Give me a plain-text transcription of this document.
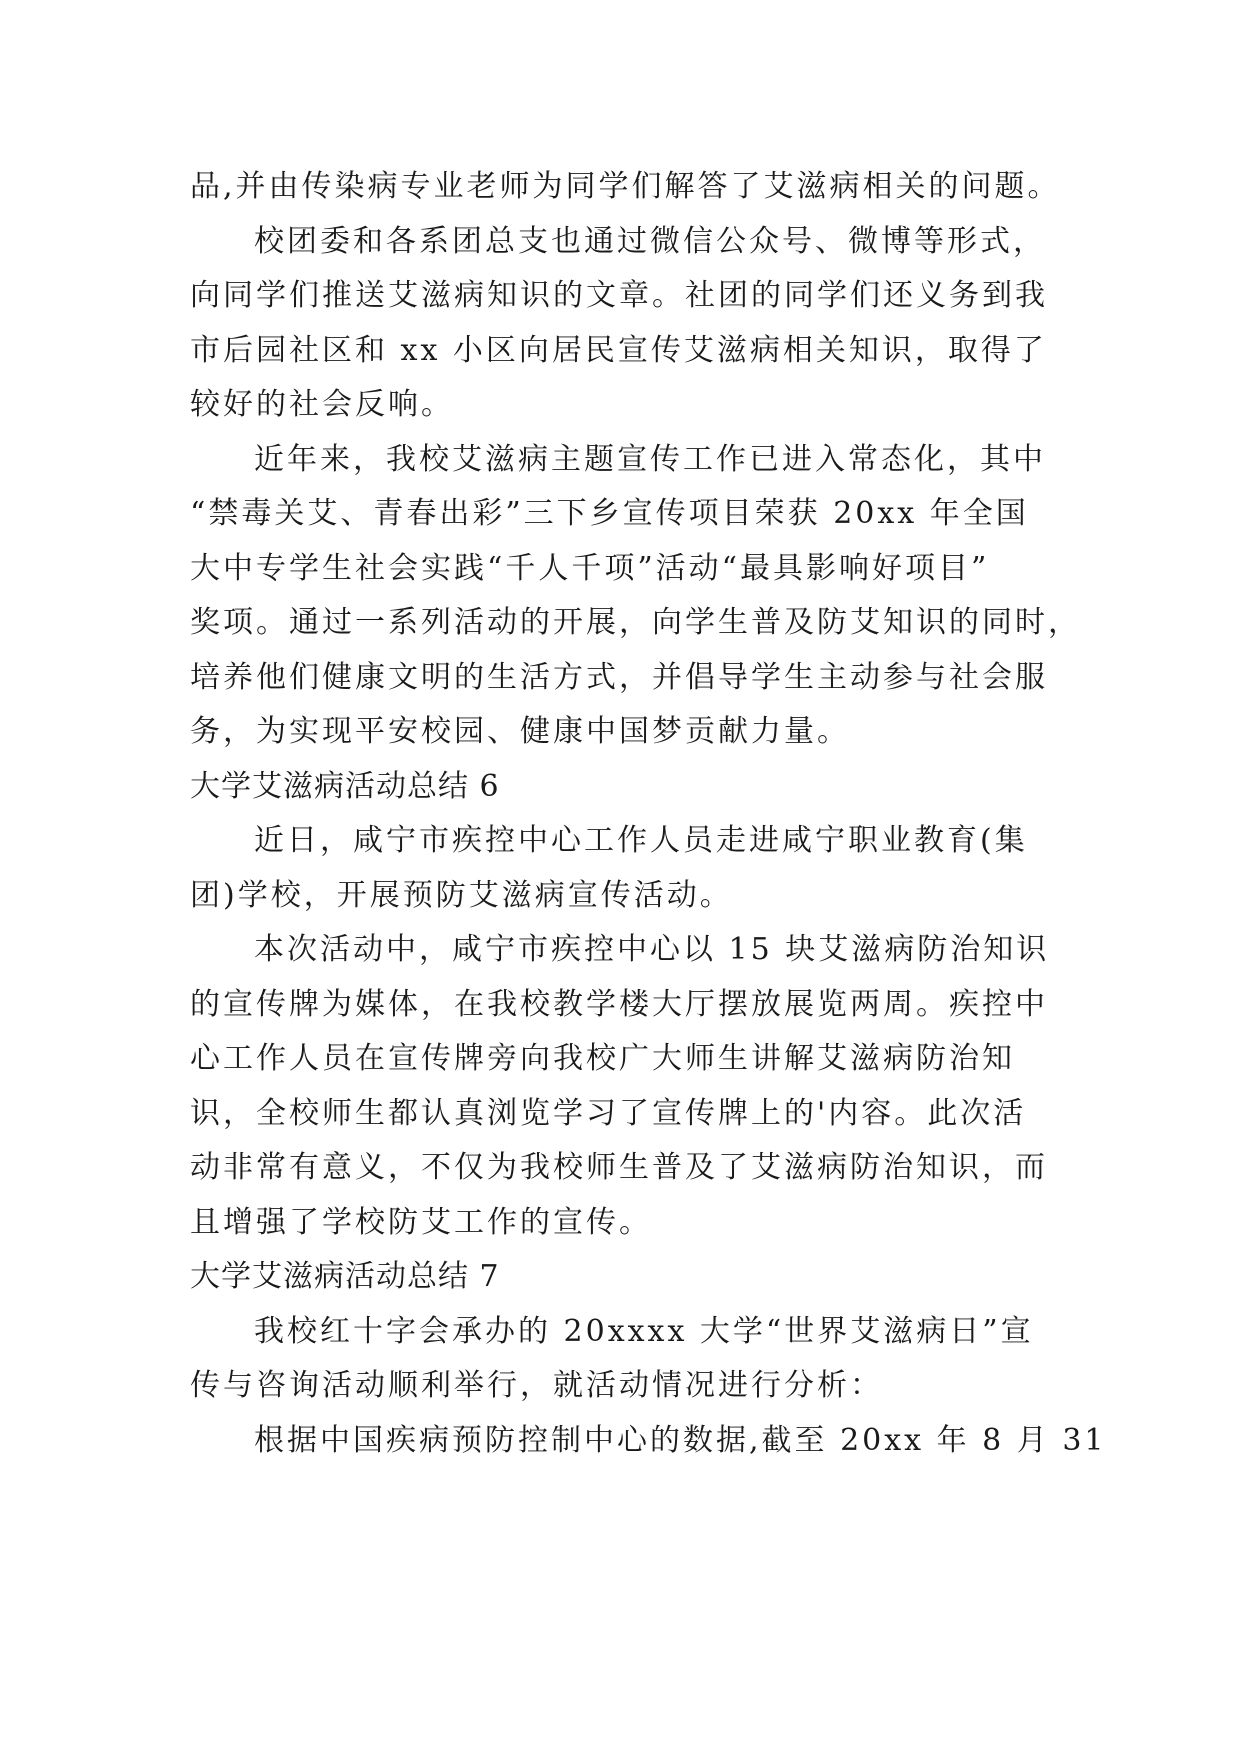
品,并由传染病专业老师为同学们解答了艾滋病相关的问题。
校团委和各系团总支也通过微信公众号、微博等形式，
向同学们推送艾滋病知识的文章。社团的同学们还义务到我
市后园社区和 xx 小区向居民宣传艾滋病相关知识，取得了
较好的社会反响。
近年来，我校艾滋病主题宣传工作已进入常态化，其中
“禁毒关艾、青春出彩”三下乡宣传项目荣获 20xx 年全国
大中专学生社会实践“千人千项”活动“最具影响好项目”
奖项。通过一系列活动的开展，向学生普及防艾知识的同时，
培养他们健康文明的生活方式，并倡导学生主动参与社会服
务，为实现平安校园、健康中国梦贡献力量。
大学艾滋病活动总结 6
近日，咸宁市疾控中心工作人员走进咸宁职业教育(集
团)学校，开展预防艾滋病宣传活动。
本次活动中，咸宁市疾控中心以 15 块艾滋病防治知识
的宣传牌为媒体，在我校教学楼大厅摆放展览两周。疾控中
心工作人员在宣传牌旁向我校广大师生讲解艾滋病防治知
识，全校师生都认真浏览学习了宣传牌上的'内容。此次活
动非常有意义，不仅为我校师生普及了艾滋病防治知识，而
且增强了学校防艾工作的宣传。
大学艾滋病活动总结 7
我校红十字会承办的 20xxxx 大学“世界艾滋病日”宣
传与咨询活动顺利举行，就活动情况进行分析：
根据中国疾病预防控制中心的数据,截至 20xx 年 8 月 31
